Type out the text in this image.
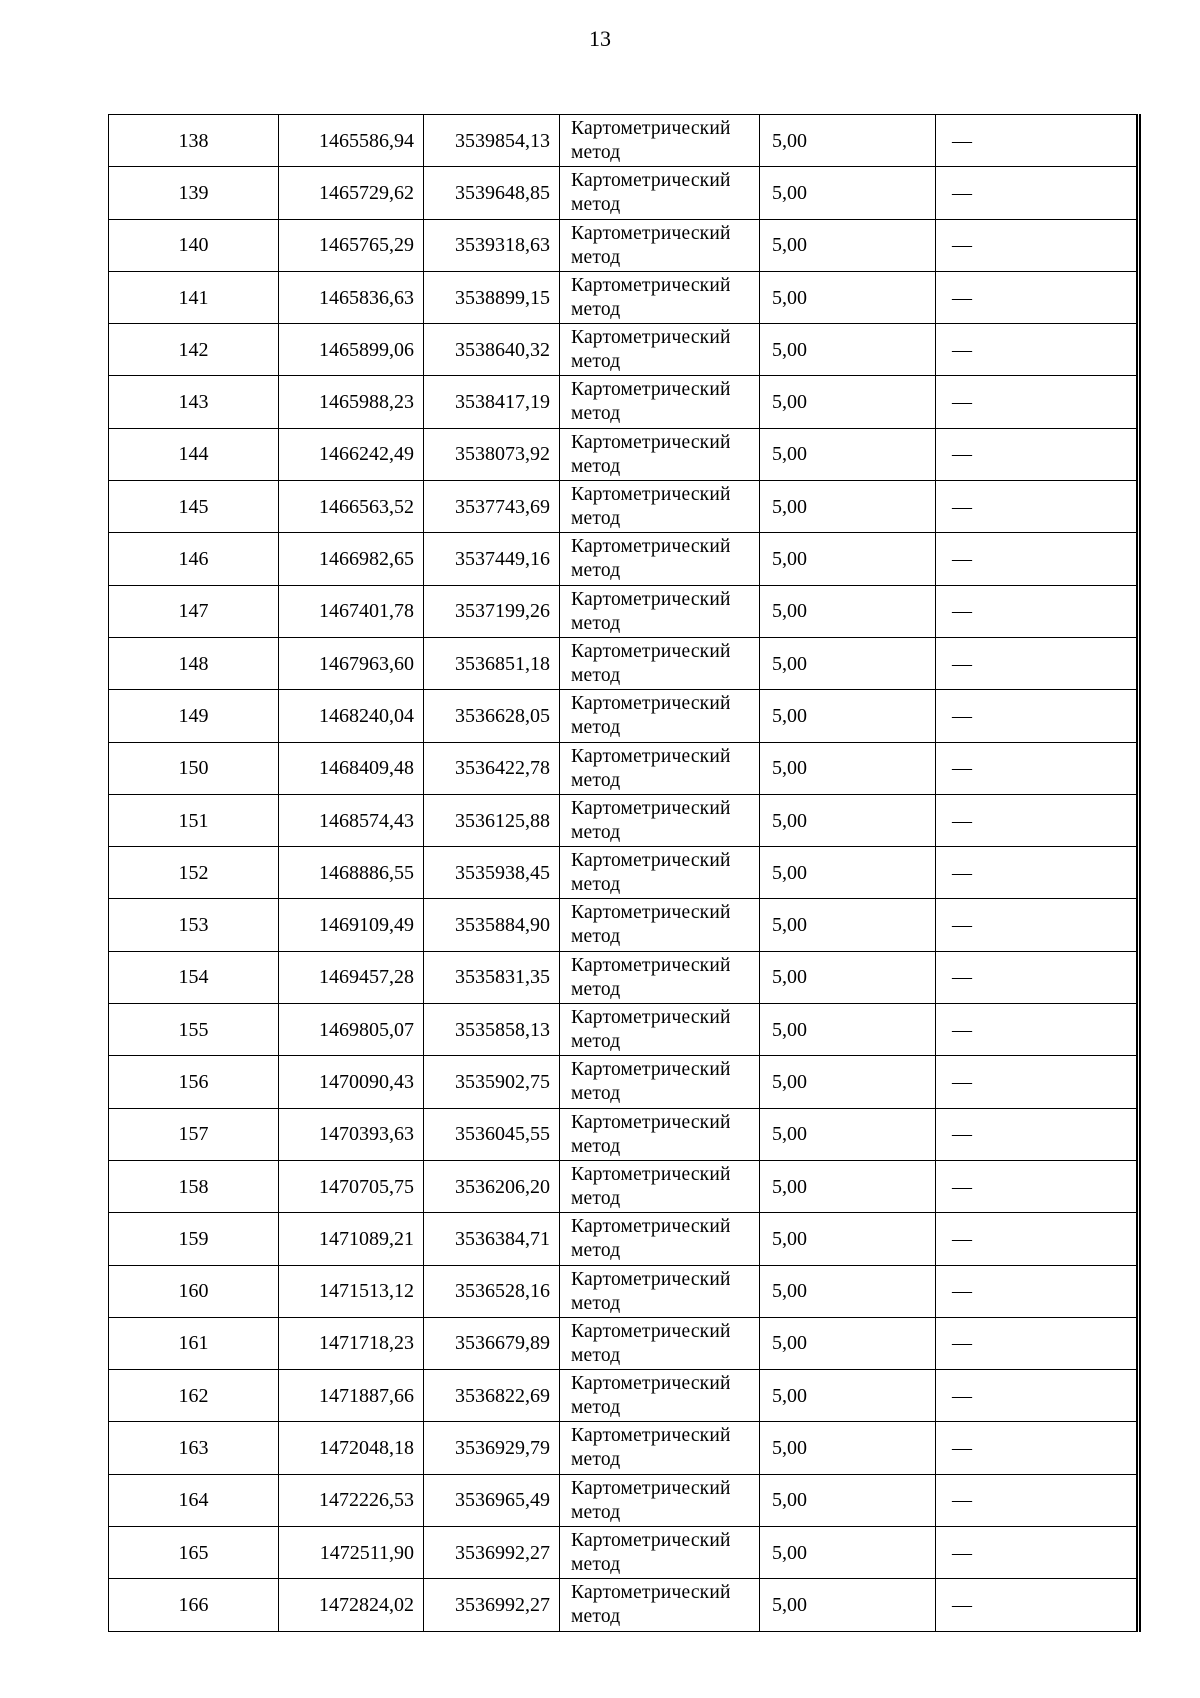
13
138	1465586,94	3539854,13	Картометрический
метод	5,00	—
139	1465729,62	3539648,85	Картометрический
метод	5,00	—
140	1465765,29	3539318,63	Картометрический
метод	5,00	—
141	1465836,63	3538899,15	Картометрический
метод	5,00	—
142	1465899,06	3538640,32	Картометрический
метод	5,00	—
143	1465988,23	3538417,19	Картометрический
метод	5,00	—
144	1466242,49	3538073,92	Картометрический
метод	5,00	—
145	1466563,52	3537743,69	Картометрический
метод	5,00	—
146	1466982,65	3537449,16	Картометрический
метод	5,00	—
147	1467401,78	3537199,26	Картометрический
метод	5,00	—
148	1467963,60	3536851,18	Картометрический
метод	5,00	—
149	1468240,04	3536628,05	Картометрический
метод	5,00	—
150	1468409,48	3536422,78	Картометрический
метод	5,00	—
151	1468574,43	3536125,88	Картометрический
метод	5,00	—
152	1468886,55	3535938,45	Картометрический
метод	5,00	—
153	1469109,49	3535884,90	Картометрический
метод	5,00	—
154	1469457,28	3535831,35	Картометрический
метод	5,00	—
155	1469805,07	3535858,13	Картометрический
метод	5,00	—
156	1470090,43	3535902,75	Картометрический
метод	5,00	—
157	1470393,63	3536045,55	Картометрический
метод	5,00	—
158	1470705,75	3536206,20	Картометрический
метод	5,00	—
159	1471089,21	3536384,71	Картометрический
метод	5,00	—
160	1471513,12	3536528,16	Картометрический
метод	5,00	—
161	1471718,23	3536679,89	Картометрический
метод	5,00	—
162	1471887,66	3536822,69	Картометрический
метод	5,00	—
163	1472048,18	3536929,79	Картометрический
метод	5,00	—
164	1472226,53	3536965,49	Картометрический
метод	5,00	—
165	1472511,90	3536992,27	Картометрический
метод	5,00	—
166	1472824,02	3536992,27	Картометрический
метод	5,00	—
